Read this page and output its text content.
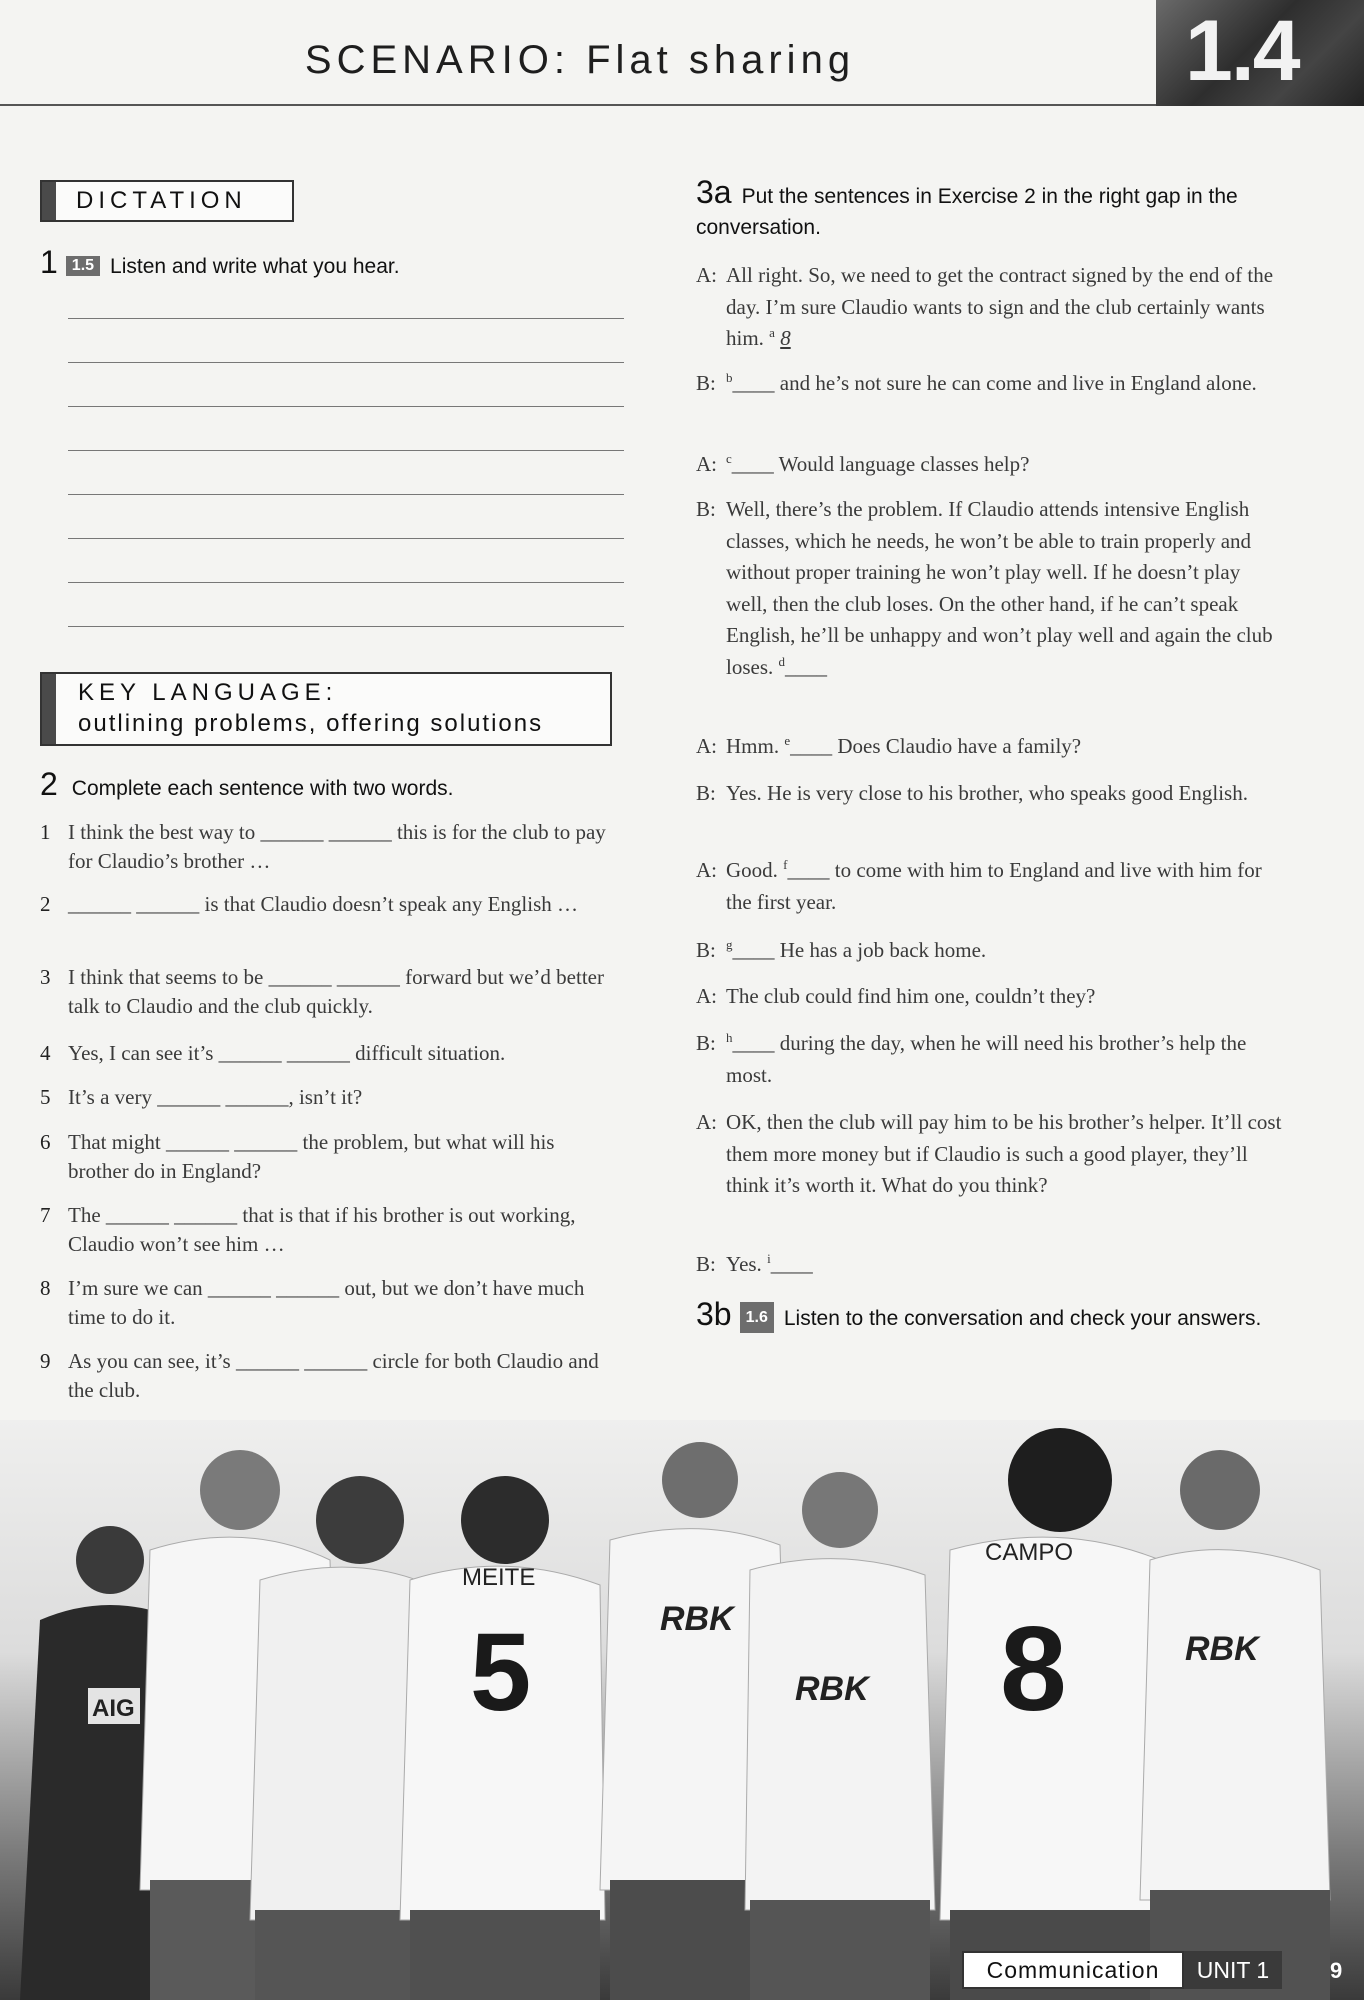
SCENARIO: Flat sharing	1.4
DICTATION
1 1.5 Listen and write what you hear.
KEY LANGUAGE:
outlining problems, offering solutions
2 Complete each sentence with two words.
1 I think the best way to ______ ______ this is for the club to pay for Claudio’s brother …
2 ______ ______ is that Claudio doesn’t speak any English …
3 I think that seems to be ______ ______ forward but we’d better talk to Claudio and the club quickly.
4 Yes, I can see it’s ______ ______ difficult situation.
5 It’s a very ______ ______, isn’t it?
6 That might ______ ______ the problem, but what will his brother do in England?
7 The ______ ______ that is that if his brother is out working, Claudio won’t see him …
8 I’m sure we can ______ ______ out, but we don’t have much time to do it.
9 As you can see, it’s ______ ______ circle for both Claudio and the club.
3a Put the sentences in Exercise 2 in the right gap in the conversation.
A: All right. So, we need to get the contract signed by the end of the day. I’m sure Claudio wants to sign and the club certainly wants him. $^a$ 8
B: $^b$____ and he’s not sure he can come and live in England alone.
A: $^c$____ Would language classes help?
B: Well, there’s the problem. If Claudio attends intensive English classes, which he needs, he won’t be able to train properly and without proper training he won’t play well. If he doesn’t play well, then the club loses. On the other hand, if he can’t speak English, he’ll be unhappy and won’t play well and again the club loses. $^d$____
A: Hmm. $^e$____ Does Claudio have a family?
B: Yes. He is very close to his brother, who speaks good English.
A: Good. $^f$____ to come with him to England and live with him for the first year.
B: $^g$____ He has a job back home.
A: The club could find him one, couldn’t they?
B: $^h$____ during the day, when he will need his brother’s help the most.
A: OK, then the club will pay him to be his brother’s helper. It’ll cost them more money but if Claudio is such a good player, they’ll think it’s worth it. What do you think?
B: Yes. $^i$____
3b 1.6 Listen to the conversation and check your answers.
AIG
MEITE
5	RBK
RBK
CAMPO
8	RBK
Communication	UNIT 1	9
